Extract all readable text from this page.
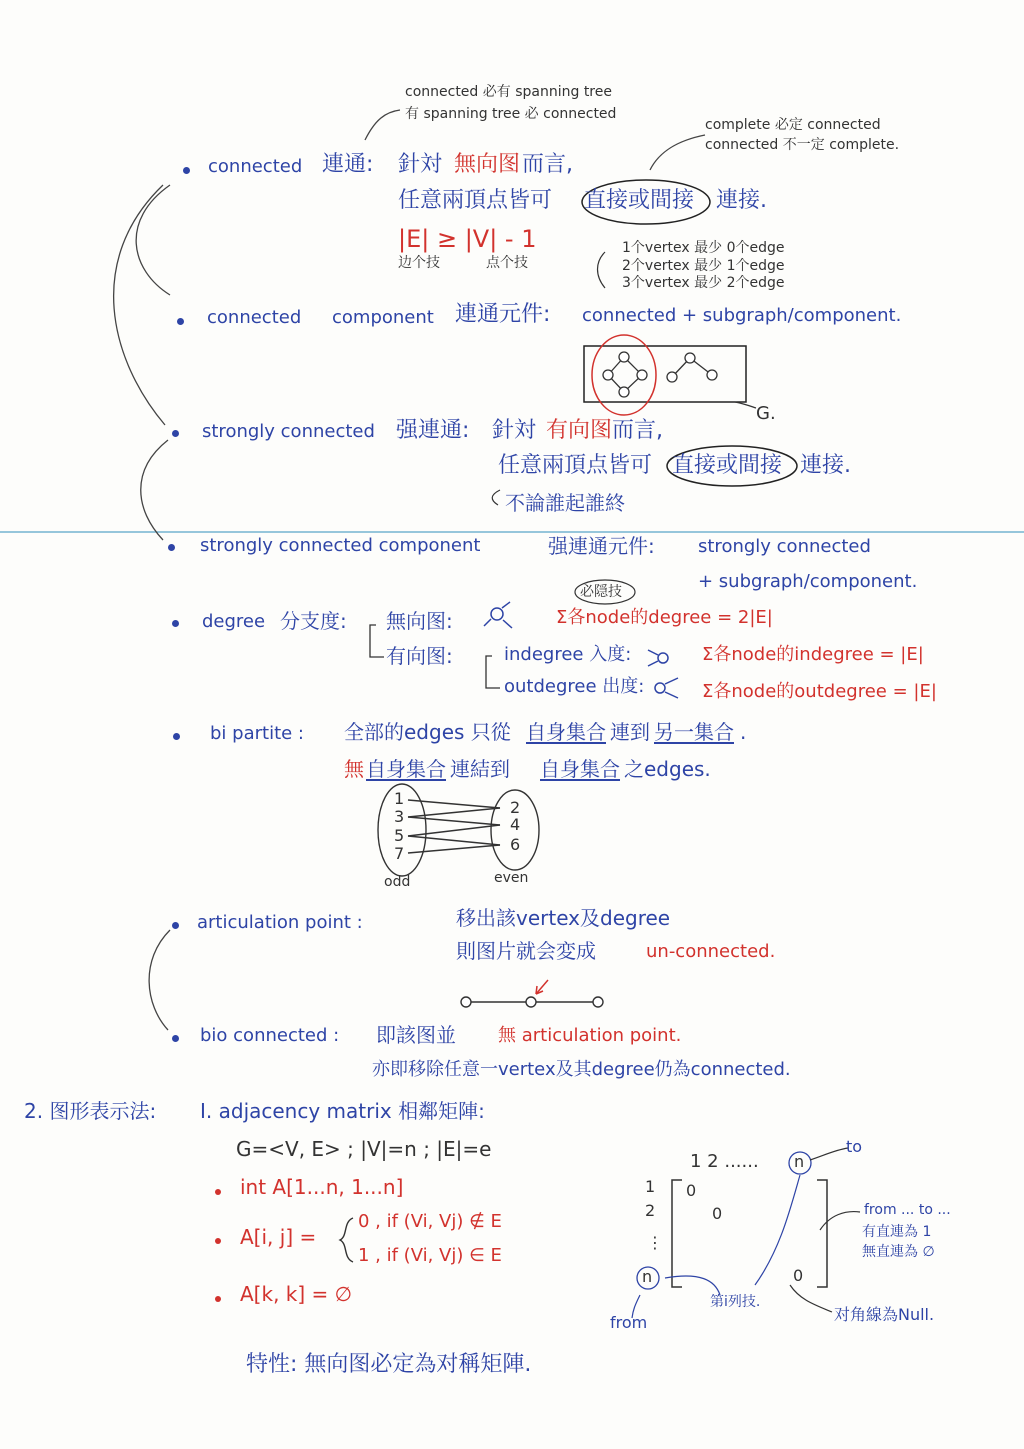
connected 必有 spanning tree
有 spanning tree 必 connected
complete 必定 connected
connected 不一定 complete.
connected 連通: 針対 無向图 而言,
任意兩頂点皆可 直接或間接 連接.
|E| ≥ |V| - 1
边个技	点个技
1个vertex 最少 0个edge
2个vertex 最少 1个edge
3个vertex 最少 2个edge
connected component 連通元件: connected + subgraph/component.
G.
strongly connected 强連通: 針対 有向图 而言,
任意兩頂点皆可 直接或間接 連接.
不論誰起誰終
strongly connected component	强連通元件: strongly connected
+ subgraph/component.
degree 分支度: 無向图:
有向图:
必隠技
Σ各node的degree = 2|E|
indegree 入度:
outdegree 出度:
Σ各node的indegree = |E|
Σ各node的outdegree = |E|
bi partite : 全部的edges 只從 自身集合 連到 另一集合 .
無 自身集合 連結到 自身集合 之edges.
1
3
5
7
2
4
6
odd	even
articulation point :	移出該vertex及degree
則图片就会変成	un-connected.
bio connected : 即該图並 無 articulation point.
亦即移除任意一vertex及其degree仍為connected.
2. 图形表示法: I. adjacency matrix 相鄰矩陣:
G=<V, E> ; |V|=n ; |E|=e
int A[1...n, 1...n]
A[i, j] =
0 , if (Vi, Vj) ∉ E
1 , if (Vi, Vj) ∈ E
A[k, k] = ∅
特性: 無向图必定為对稱矩陣.
1 2 ...... n
1
2
⋮
n
0
0
0
to
from
from ... to ...
有直連為 1
無直連為 ∅
第i列技.
对角線為Null.
